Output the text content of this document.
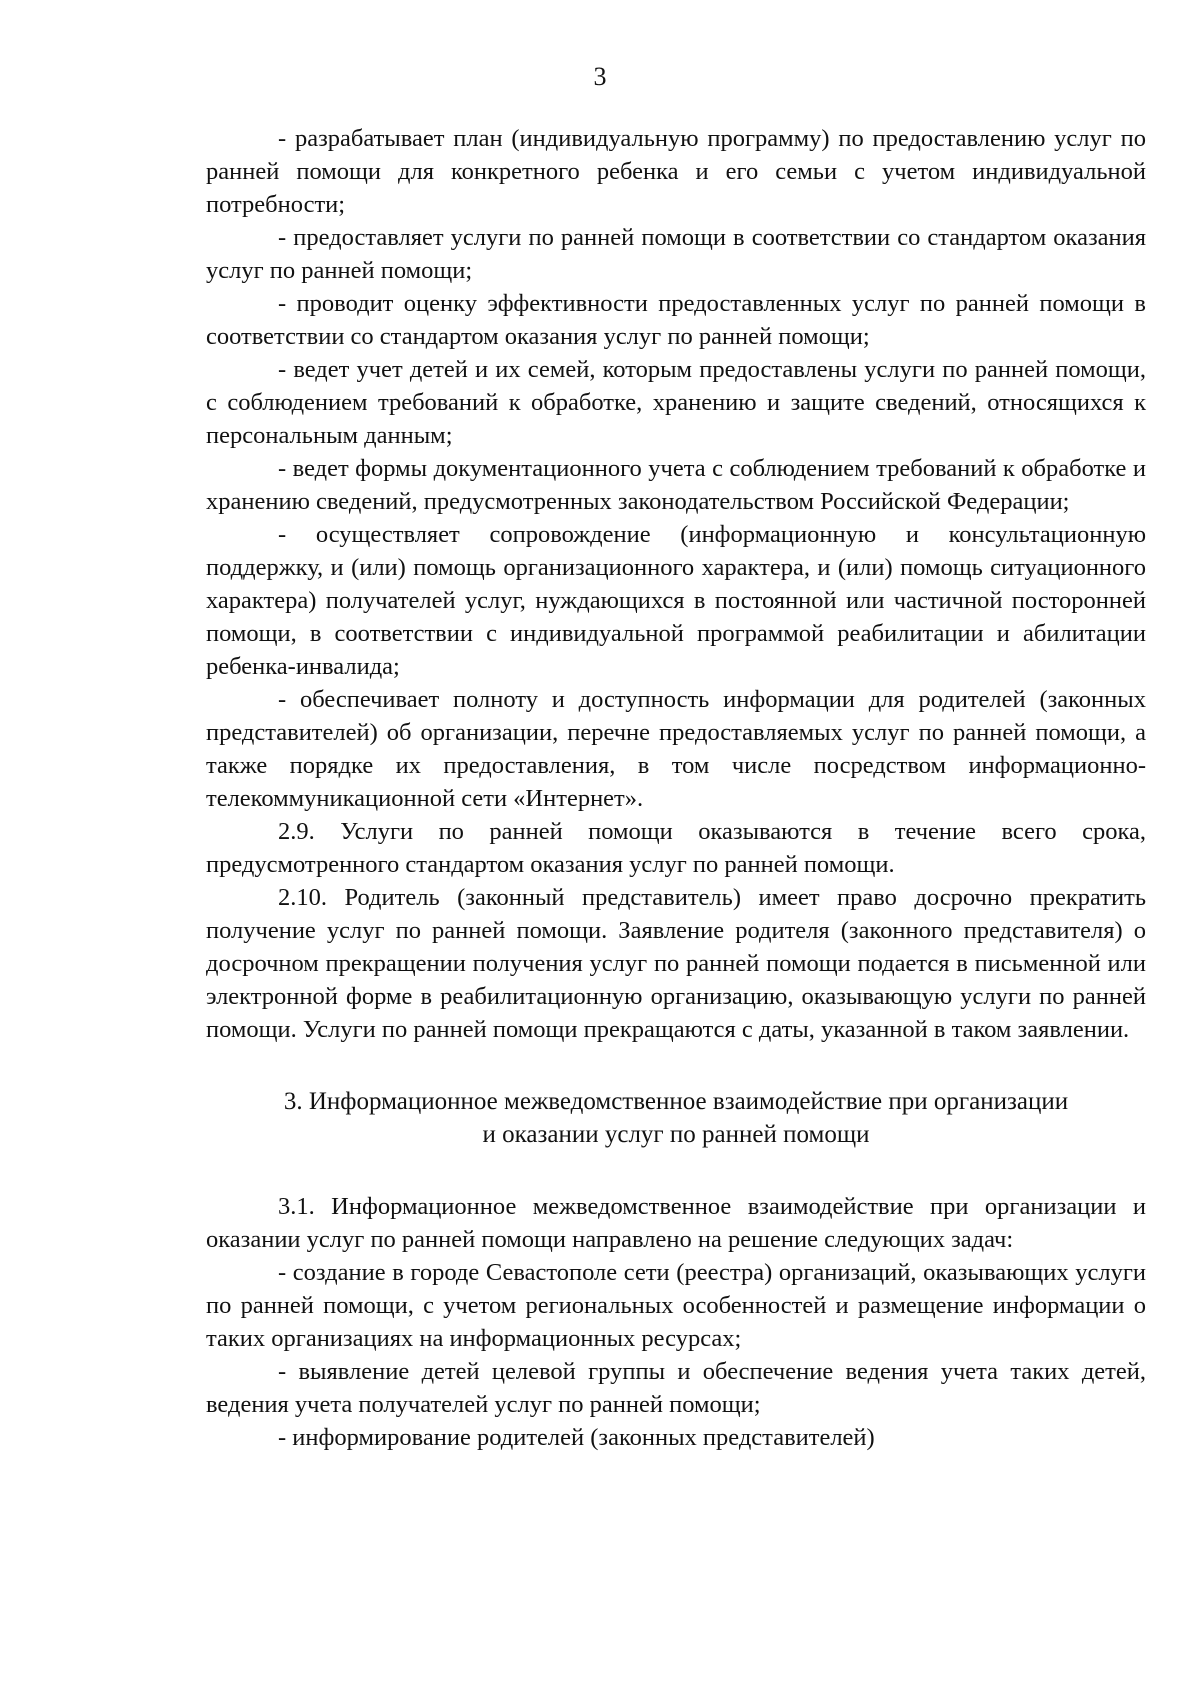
3

- разрабатывает план (индивидуальную программу) по предоставлению услуг по ранней помощи для конкретного ребенка и его семьи с учетом индивидуальной потребности;

- предоставляет услуги по ранней помощи в соответствии со стандартом оказания услуг по ранней помощи;

- проводит оценку эффективности предоставленных услуг по ранней помощи в соответствии со стандартом оказания услуг по ранней помощи;

- ведет учет детей и их семей, которым предоставлены услуги по ранней помощи, с соблюдением требований к обработке, хранению и защите сведений, относящихся к персональным данным;

- ведет формы документационного учета с соблюдением требований к обработке и хранению сведений, предусмотренных законодательством Российской Федерации;

- осуществляет сопровождение (информационную и консультационную поддержку, и (или) помощь организационного характера, и (или) помощь ситуационного характера) получателей услуг, нуждающихся в постоянной или частичной посторонней помощи, в соответствии с индивидуальной программой реабилитации и абилитации ребенка-инвалида;

- обеспечивает полноту и доступность информации для родителей (законных представителей) об организации, перечне предоставляемых услуг по ранней помощи, а также порядке их предоставления, в том числе посредством информационно-телекоммуникационной сети «Интернет».

2.9. Услуги по ранней помощи оказываются в течение всего срока, предусмотренного стандартом оказания услуг по ранней помощи.

2.10. Родитель (законный представитель) имеет право досрочно прекратить получение услуг по ранней помощи. Заявление родителя (законного представителя) о досрочном прекращении получения услуг по ранней помощи подается в письменной или электронной форме в реабилитационную организацию, оказывающую услуги по ранней помощи. Услуги по ранней помощи прекращаются с даты, указанной в таком заявлении.

3. Информационное межведомственное взаимодействие при организации
и оказании услуг по ранней помощи

3.1. Информационное межведомственное взаимодействие при организации и оказании услуг по ранней помощи направлено на решение следующих задач:

- создание в городе Севастополе сети (реестра) организаций, оказывающих услуги по ранней помощи, с учетом региональных особенностей и размещение информации о таких организациях на информационных ресурсах;

- выявление детей целевой группы и обеспечение ведения учета таких детей, ведения учета получателей услуг по ранней помощи;

- информирование родителей (законных представителей)
